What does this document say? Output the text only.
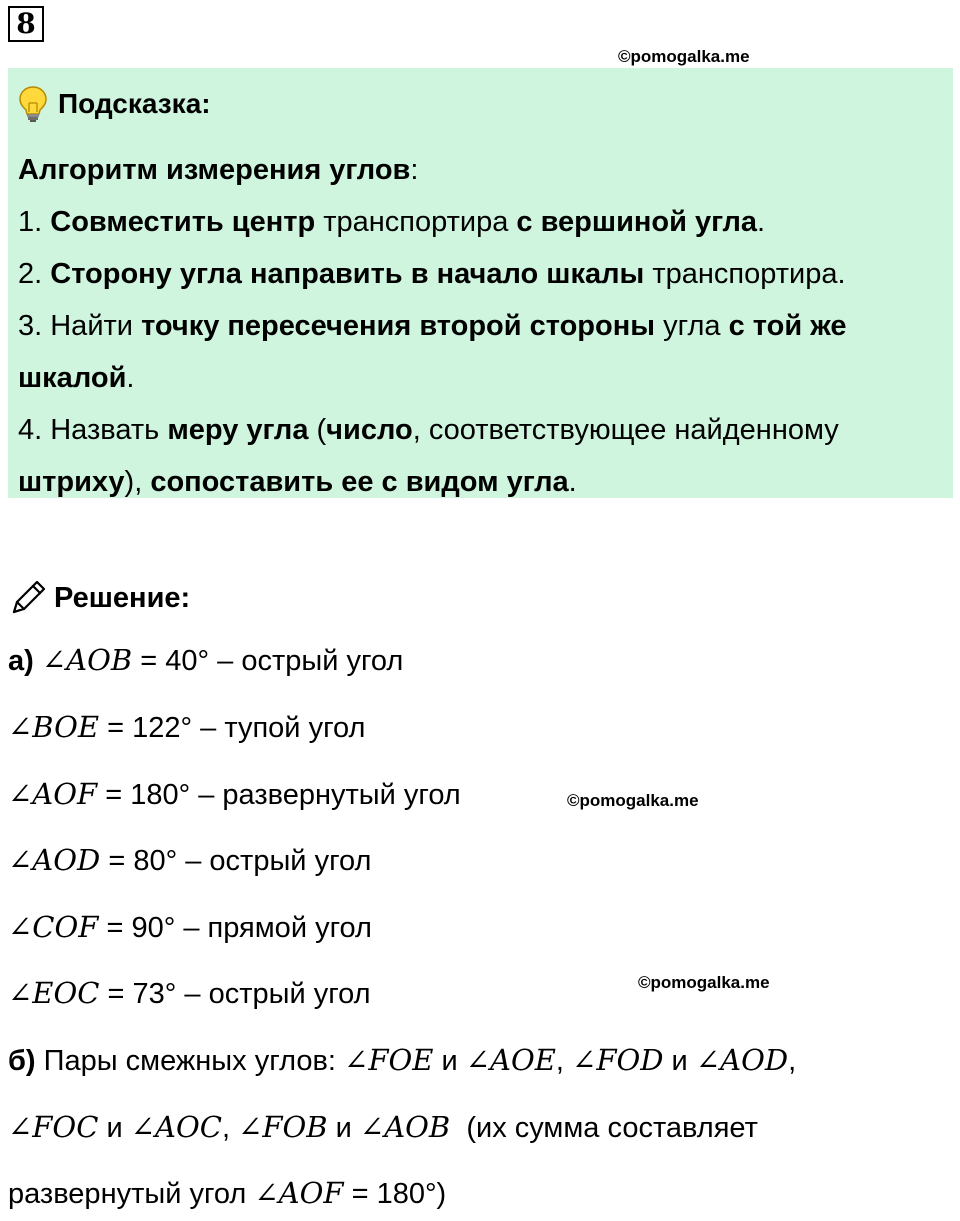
8
©pomogalka.me
Подсказка:

Алгоритм измерения углов:

1. Совместить центр транспортира с вершиной угла.

2. Сторону угла направить в начало шкалы транспортира.

3. Найти точку пересечения второй стороны угла с той же шкалой.

4. Назвать меру угла (число, соответствующее найденному штриху), сопоставить ее с видом угла.

Решение:
а) ∠AOB = 40° – острый угол
∠BOE = 122° – тупой угол
∠AOF = 180° – развернутый угол	©pomogalka.me
∠AOD = 80° – острый угол
∠COF = 90° – прямой угол
©pomogalka.me
∠EOC = 73° – острый угол
б) Пары смежных углов: ∠FOE и ∠AOE, ∠FOD и ∠AOD,
∠FOC и ∠AOC, ∠FOB и ∠AOB  (их сумма составляет
развернутый угол ∠AOF = 180°)
